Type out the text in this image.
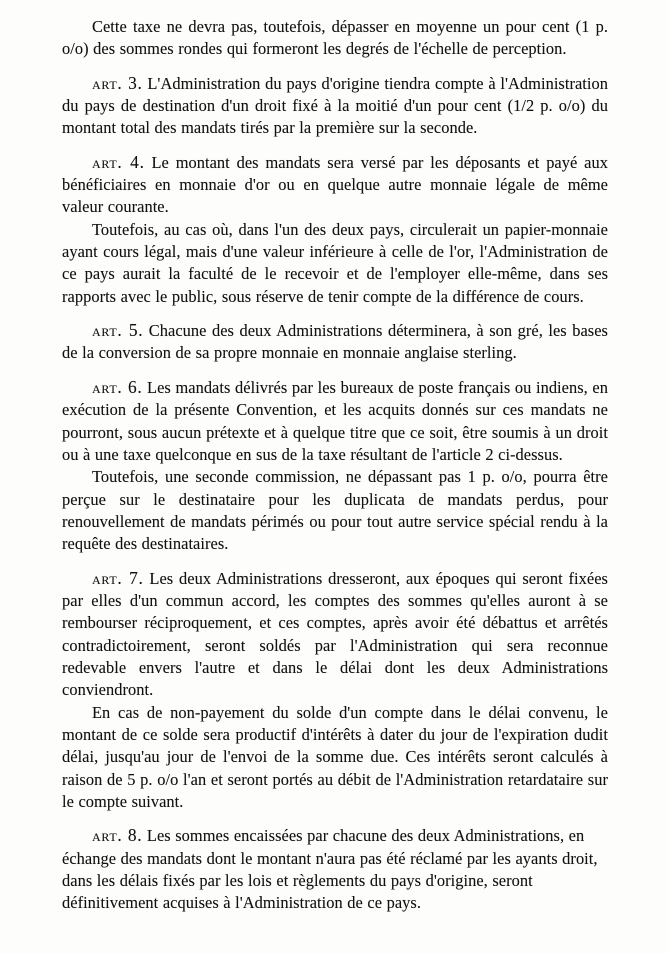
Cette taxe ne devra pas, toutefois, dépasser en moyenne un pour cent (1 p. o/o) des sommes rondes qui formeront les degrés de l'échelle de perception.

art. 3. L'Administration du pays d'origine tiendra compte à l'Administration du pays de destination d'un droit fixé à la moitié d'un pour cent (1/2 p. o/o) du montant total des mandats tirés par la première sur la seconde.

art. 4. Le montant des mandats sera versé par les déposants et payé aux bénéficiaires en monnaie d'or ou en quelque autre monnaie légale de même valeur courante.

Toutefois, au cas où, dans l'un des deux pays, circulerait un papier-monnaie ayant cours légal, mais d'une valeur inférieure à celle de l'or, l'Administration de ce pays aurait la faculté de le recevoir et de l'employer elle-même, dans ses rapports avec le public, sous réserve de tenir compte de la différence de cours.

art. 5. Chacune des deux Administrations déterminera, à son gré, les bases de la conversion de sa propre monnaie en monnaie anglaise sterling.

art. 6. Les mandats délivrés par les bureaux de poste français ou indiens, en exécution de la présente Convention, et les acquits donnés sur ces mandats ne pourront, sous aucun prétexte et à quelque titre que ce soit, être soumis à un droit ou à une taxe quelconque en sus de la taxe résultant de l'article 2 ci-dessus.

Toutefois, une seconde commission, ne dépassant pas 1 p. o/o, pourra être perçue sur le destinataire pour les duplicata de mandats perdus, pour renouvellement de mandats périmés ou pour tout autre service spécial rendu à la requête des destinataires.

art. 7. Les deux Administrations dresseront, aux époques qui seront fixées par elles d'un commun accord, les comptes des sommes qu'elles auront à se rembourser réciproquement, et ces comptes, après avoir été débattus et arrêtés contradictoirement, seront soldés par l'Administration qui sera reconnue redevable envers l'autre et dans le délai dont les deux Administrations conviendront.

En cas de non-payement du solde d'un compte dans le délai convenu, le montant de ce solde sera productif d'intérêts à dater du jour de l'expiration dudit délai, jusqu'au jour de l'envoi de la somme due. Ces intérêts seront calculés à raison de 5 p. o/o l'an et seront portés au débit de l'Administration retardataire sur le compte suivant.

art. 8. Les sommes encaissées par chacune des deux Administrations, en échange des mandats dont le montant n'aura pas été réclamé par les ayants droit, dans les délais fixés par les lois et règlements du pays d'origine, seront définitivement acquises à l'Administration de ce pays.
